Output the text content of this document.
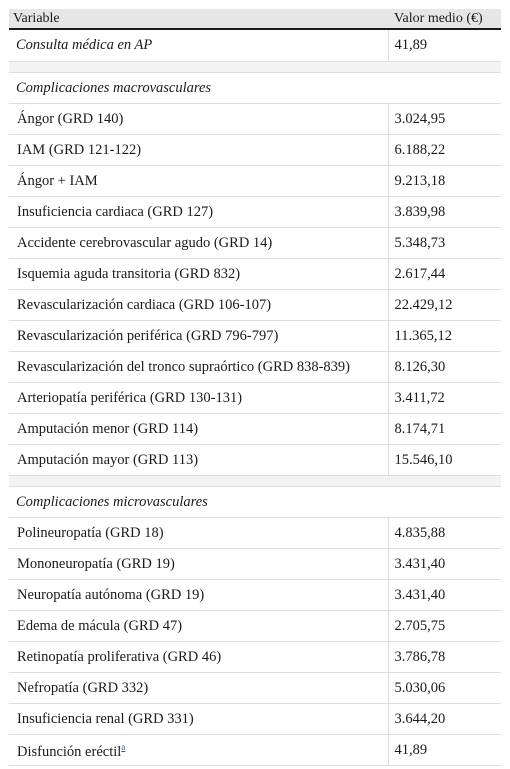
Variable	Valor medio (€)
Consulta médica en AP	41,89

Complicaciones macrovasculares	
Ángor (GRD 140)	3.024,95
IAM (GRD 121-122)	6.188,22
Ángor + IAM	9.213,18
Insuficiencia cardiaca (GRD 127)	3.839,98
Accidente cerebrovascular agudo (GRD 14)	5.348,73
Isquemia aguda transitoria (GRD 832)	2.617,44
Revascularización cardiaca (GRD 106-107)	22.429,12
Revascularización periférica (GRD 796-797)	11.365,12
Revascularización del tronco supraórtico (GRD 838-839)	8.126,30
Arteriopatía periférica (GRD 130-131)	3.411,72
Amputación menor (GRD 114)	8.174,71
Amputación mayor (GRD 113)	15.546,10

Complicaciones microvasculares	
Polineuropatía (GRD 18)	4.835,88
Mononeuropatía (GRD 19)	3.431,40
Neuropatía autónoma (GRD 19)	3.431,40
Edema de mácula (GRD 47)	2.705,75
Retinopatía proliferativa (GRD 46)	3.786,78
Nefropatía (GRD 332)	5.030,06
Insuficiencia renal (GRD 331)	3.644,20
Disfunción eréctil$^a$	41,89
